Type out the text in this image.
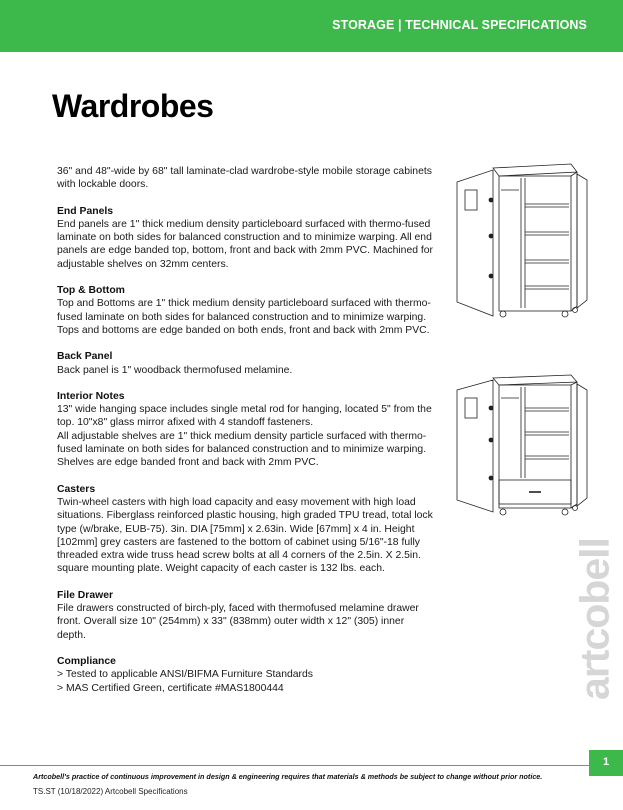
STORAGE | TECHNICAL SPECIFICATIONS
Wardrobes

36" and 48"-wide by 68" tall laminate-clad wardrobe-style mobile storage cabinets with lockable doors.

End Panels

End panels are 1" thick medium density particleboard surfaced with thermo-fused laminate on both sides for balanced construction and to minimize warping. All end panels are edge banded top, bottom, front and back with 2mm PVC. Machined for adjustable shelves on 32mm centers.

Top & Bottom

Top and Bottoms are 1" thick medium density particleboard surfaced with thermo-fused laminate on both sides for balanced construction and to minimize warping. Tops and bottoms are edge banded on both ends, front and back with 2mm PVC.

Back Panel

Back panel is 1" woodback thermofused melamine.

Interior Notes

13" wide hanging space includes single metal rod for hanging, located 5" from the top. 10"x8" glass mirror afixed with 4 standoff fasteners.

All adjustable shelves are 1" thick medium density particle surfaced with thermo-fused laminate on both sides for balanced construction and to minimize warping. Shelves are edge banded front and back with 2mm PVC.

Casters

Twin-wheel casters with high load capacity and easy movement with high load situations. Fiberglass reinforced plastic housing, high graded TPU tread, total lock type (w/brake, EUB-75). 3in. DIA [75mm] x 2.63in. Wide [67mm] x 4 in. Height [102mm] grey casters are fastened to the bottom of cabinet using 5/16"-18 fully threaded extra wide truss head screw bolts at all 4 corners of the 2.5in. X 2.5in. square mounting plate. Weight capacity of each caster is 132 lbs. each.

File Drawer

File drawers constructed of birch-ply, faced with thermofused melamine drawer front. Overall size 10" (254mm) x 33" (838mm) outer width x 12" (305) inner depth.

Compliance

> Tested to applicable ANSI/BIFMA Furniture Standards

> MAS Certified Green, certificate #MAS1800444	artcobell
1
Artcobell's practice of continuous improvement in design & engineering requires that materials & methods be subject to change without prior notice.
TS.ST (10/18/2022) Artcobell Specifications
